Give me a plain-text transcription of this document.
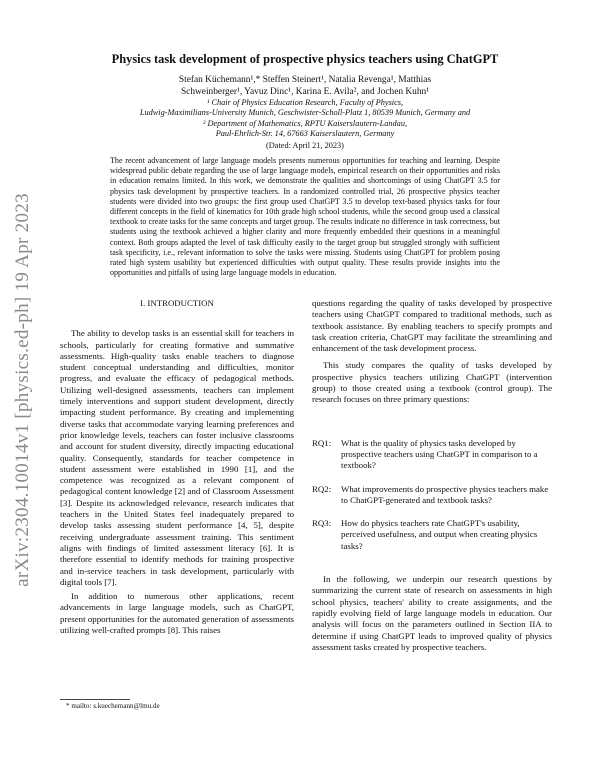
arXiv:2304.10014v1 [physics.ed-ph] 19 Apr 2023
Physics task development of prospective physics teachers using ChatGPT
Stefan Küchemann¹,* Steffen Steinert¹, Natalia Revenga¹, Matthias
Schweinberger¹, Yavuz Dinc¹, Karina E. Avila², and Jochen Kuhn¹
¹ Chair of Physics Education Research, Faculty of Physics,
Ludwig-Maximilians-University Munich, Geschwister-Scholl-Platz 1, 80539 Munich, Germany and
² Department of Mathematics, RPTU Kaiserslautern-Landau,
Paul-Ehrlich-Str. 14, 67663 Kaiserslautern, Germany
(Dated: April 21, 2023)
The recent advancement of large language models presents numerous opportunities for teaching and learning. Despite widespread public debate regarding the use of large language models, empirical research on their opportunities and risks in education remains limited. In this work, we demonstrate the qualities and shortcomings of using ChatGPT 3.5 for physics task development by prospective teachers. In a randomized controlled trial, 26 prospective physics teacher students were divided into two groups: the first group used ChatGPT 3.5 to develop text-based physics tasks for four different concepts in the field of kinematics for 10th grade high school students, while the second group used a classical textbook to create tasks for the same concepts and target group. The results indicate no difference in task correctness, but students using the textbook achieved a higher clarity and more frequently embedded their questions in a meaningful context. Both groups adapted the level of task difficulty easily to the target group but struggled strongly with sufficient task specificity, i.e., relevant information to solve the tasks were missing. Students using ChatGPT for problem posing rated high system usability but experienced difficulties with output quality. These results provide insights into the opportunities and pitfalls of using large language models in education.
I. INTRODUCTION

The ability to develop tasks is an essential skill for teachers in schools, particularly for creating formative and summative assessments. High-quality tasks enable teachers to diagnose student conceptual understanding and difficulties, monitor progress, and evaluate the efficacy of pedagogical methods. Utilizing well-designed assessments, teachers can implement timely interventions and support student development, directly impacting student performance. By creating and implementing diverse tasks that accommodate varying learning preferences and prior knowledge levels, teachers can foster inclusive classrooms and account for student diversity, directly impacting educational quality. Consequently, standards for teacher competence in student assessment were established in 1990 [1], and the competence was recognized as a relevant component of pedagogical content knowledge [2] and of Classroom Assessment [3]. Despite its acknowledged relevance, research indicates that teachers in the United States feel inadequately prepared to develop tasks assessing student performance [4, 5], despite receiving undergraduate assessment training. This sentiment aligns with findings of limited assessment literacy [6]. It is therefore essential to identify methods for training prospective and in-service teachers in task development, particularly with digital tools [7].

In addition to numerous other applications, recent advancements in large language models, such as ChatGPT, present opportunities for the automated generation of assessments utilizing well-crafted prompts [8]. This raises

questions regarding the quality of tasks developed by prospective teachers using ChatGPT compared to traditional methods, such as textbook assistance. By enabling teachers to specify prompts and task creation criteria, ChatGPT may facilitate the streamlining and enhancement of the task development process.

This study compares the quality of tasks developed by prospective physics teachers utilizing ChatGPT (intervention group) to those created using a textbook (control group). The research focuses on three primary questions:

RQ1:	What is the quality of physics tasks developed by prospective teachers using ChatGPT in comparison to a textbook?
RQ2:	What improvements do prospective physics teachers make to ChatGPT-generated and textbook tasks?
RQ3:	How do physics teachers rate ChatGPT's usability, perceived usefulness, and output when creating physics tasks?

In the following, we underpin our research questions by summarizing the current state of research on assessments in high school physics, teachers' ability to create assignments, and the rapidly evolving field of large language models in education. Our analysis will focus on the parameters outlined in Section IIA to determine if using ChatGPT leads to improved quality of physics assessment tasks created by prospective teachers.

* mailto: s.kuechemann@lmu.de
